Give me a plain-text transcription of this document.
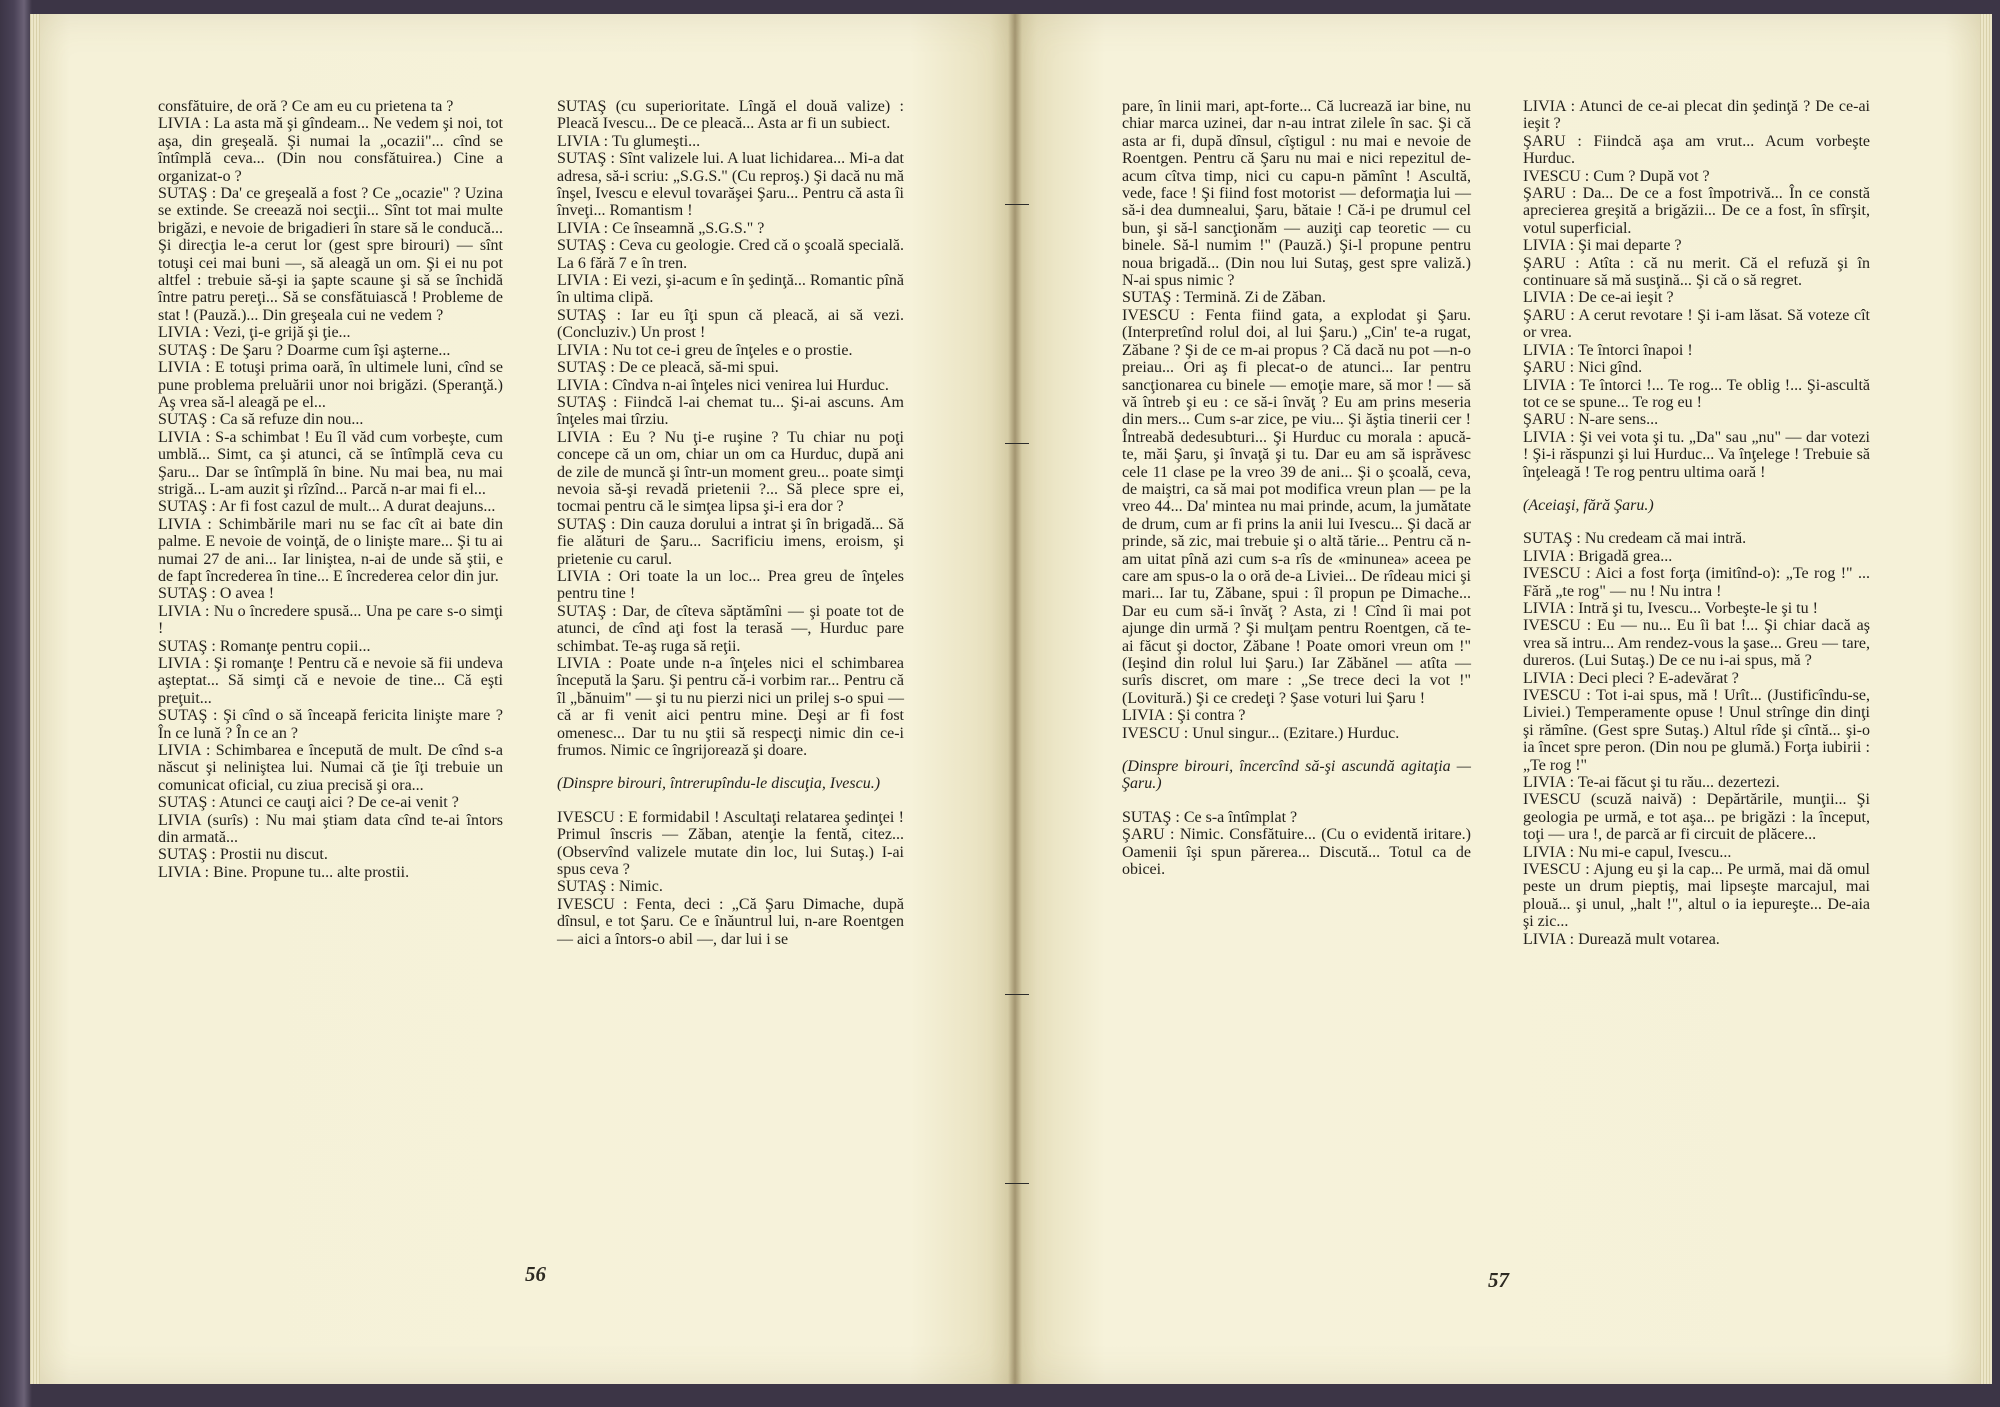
consfătuire, de oră ? Ce am eu cu prietena ta ?

LIVIA : La asta mă şi gîndeam... Ne vedem şi noi, tot aşa, din greşeală. Şi numai la „ocazii"... cînd se întîmplă ceva... (Din nou consfătuirea.) Cine a organizat-o ?

SUTAŞ : Da' ce greşeală a fost ? Ce „ocazie" ? Uzina se extinde. Se creează noi secţii... Sînt tot mai multe brigăzi, e nevoie de brigadieri în stare să le conducă... Şi direcţia le-a cerut lor (gest spre birouri) — sînt totuşi cei mai buni —, să aleagă un om. Şi ei nu pot altfel : trebuie să-şi ia şapte scaune şi să se închidă între patru pereţi... Să se consfătuiască ! Probleme de stat ! (Pauză.)... Din greşeala cui ne vedem ?

LIVIA : Vezi, ţi-e grijă şi ţie...

SUTAŞ : De Şaru ? Doarme cum îşi aşterne...

LIVIA : E totuşi prima oară, în ultimele luni, cînd se pune problema preluării unor noi brigăzi. (Speranţă.) Aş vrea să-l aleagă pe el...

SUTAŞ : Ca să refuze din nou...

LIVIA : S-a schimbat ! Eu îl văd cum vorbeşte, cum umblă... Simt, ca şi atunci, că se întîmplă ceva cu Şaru... Dar se întîmplă în bine. Nu mai bea, nu mai strigă... L-am auzit şi rîzînd... Parcă n-ar mai fi el...

SUTAŞ : Ar fi fost cazul de mult... A durat deajuns...

LIVIA : Schimbările mari nu se fac cît ai bate din palme. E nevoie de voinţă, de o linişte mare... Şi tu ai numai 27 de ani... Iar liniştea, n-ai de unde să ştii, e de fapt încrederea în tine... E încrederea celor din jur.

SUTAŞ : O avea !

LIVIA : Nu o încredere spusă... Una pe care s-o simţi !

SUTAŞ : Romanţe pentru copii...

LIVIA : Şi romanţe ! Pentru că e nevoie să fii undeva aşteptat... Să simţi că e nevoie de tine... Că eşti preţuit...

SUTAŞ : Şi cînd o să înceapă fericita linişte mare ? În ce lună ? În ce an ?

LIVIA : Schimbarea e începută de mult. De cînd s-a născut şi neliniştea lui. Numai că ţie îţi trebuie un comunicat oficial, cu ziua precisă şi ora...

SUTAŞ : Atunci ce cauţi aici ? De ce-ai venit ?

LIVIA (surîs) : Nu mai ştiam data cînd te-ai întors din armată...

SUTAŞ : Prostii nu discut.

LIVIA : Bine. Propune tu... alte prostii.

SUTAŞ (cu superioritate. Lîngă el două valize) : Pleacă Ivescu... De ce pleacă... Asta ar fi un subiect.

LIVIA : Tu glumeşti...

SUTAŞ : Sînt valizele lui. A luat lichidarea... Mi-a dat adresa, să-i scriu: „S.G.S." (Cu reproş.) Şi dacă nu mă înşel, Ivescu e elevul tovarăşei Şaru... Pentru că asta îi înveţi... Romantism !

LIVIA : Ce înseamnă „S.G.S." ?

SUTAŞ : Ceva cu geologie. Cred că o şcoală specială. La 6 fără 7 e în tren.

LIVIA : Ei vezi, şi-acum e în şedinţă... Romantic pînă în ultima clipă.

SUTAŞ : Iar eu îţi spun că pleacă, ai să vezi. (Concluziv.) Un prost !

LIVIA : Nu tot ce-i greu de înţeles e o prostie.

SUTAŞ : De ce pleacă, să-mi spui.

LIVIA : Cîndva n-ai înţeles nici venirea lui Hurduc.

SUTAŞ : Fiindcă l-ai chemat tu... Şi-ai ascuns. Am înţeles mai tîrziu.

LIVIA : Eu ? Nu ţi-e ruşine ? Tu chiar nu poţi concepe că un om, chiar un om ca Hurduc, după ani de zile de muncă şi într-un moment greu... poate simţi nevoia să-şi revadă prietenii ?... Să plece spre ei, tocmai pentru că le simţea lipsa şi-i era dor ?

SUTAŞ : Din cauza dorului a intrat şi în brigadă... Să fie alături de Şaru... Sacrificiu imens, eroism, şi prietenie cu carul.

LIVIA : Ori toate la un loc... Prea greu de înţeles pentru tine !

SUTAŞ : Dar, de cîteva săptămîni — şi poate tot de atunci, de cînd aţi fost la terasă —, Hurduc pare schimbat. Te-aş ruga să reţii.

LIVIA : Poate unde n-a înţeles nici el schimbarea începută la Şaru. Şi pentru că-i vorbim rar... Pentru că îl „bănuim" — şi tu nu pierzi nici un prilej s-o spui — că ar fi venit aici pentru mine. Deşi ar fi fost omenesc... Dar tu nu ştii să respecţi nimic din ce-i frumos. Nimic ce îngrijorează şi doare.

(Dinspre birouri, întrerupîndu-le discuţia, Ivescu.)

IVESCU : E formidabil ! Ascultaţi relatarea şedinţei ! Primul înscris — Zăban, atenţie la fentă, citez... (Observînd valizele mutate din loc, lui Sutaş.) I-ai spus ceva ?

SUTAŞ : Nimic.

IVESCU : Fenta, deci : „Că Şaru Dimache, după dînsul, e tot Şaru. Ce e înăuntrul lui, n-are Roentgen — aici a întors-o abil —, dar lui i se

56

pare, în linii mari, apt-forte... Că lucrează iar bine, nu chiar marca uzinei, dar n-au intrat zilele în sac. Şi că asta ar fi, după dînsul, cîştigul : nu mai e nevoie de Roentgen. Pentru că Şaru nu mai e nici repezitul de-acum cîtva timp, nici cu capu-n pămînt ! Ascultă, vede, face ! Şi fiind fost motorist — deformaţia lui — să-i dea dumnealui, Şaru, bătaie ! Că-i pe drumul cel bun, şi să-l sancţionăm — auziţi cap teoretic — cu binele. Să-l numim !" (Pauză.) Şi-l propune pentru noua brigadă... (Din nou lui Sutaş, gest spre valiză.) N-ai spus nimic ?

SUTAŞ : Termină. Zi de Zăban.

IVESCU : Fenta fiind gata, a explodat şi Şaru. (Interpretînd rolul doi, al lui Şaru.) „Cin' te-a rugat, Zăbane ? Şi de ce m-ai propus ? Că dacă nu pot —n-o preiau... Ori aş fi plecat-o de atunci... Iar pentru sancţionarea cu binele — emoţie mare, să mor ! — să vă întreb şi eu : ce să-i învăţ ? Eu am prins meseria din mers... Cum s-ar zice, pe viu... Şi ăştia tinerii cer ! Întreabă dedesubturi... Şi Hurduc cu morala : apucă-te, măi Şaru, şi învaţă şi tu. Dar eu am să isprăvesc cele 11 clase pe la vreo 39 de ani... Şi o şcoală, ceva, de maiştri, ca să mai pot modifica vreun plan — pe la vreo 44... Da' mintea nu mai prinde, acum, la jumătate de drum, cum ar fi prins la anii lui Ivescu... Şi dacă ar prinde, să zic, mai trebuie şi o altă tărie... Pentru că n-am uitat pînă azi cum s-a rîs de «minunea» aceea pe care am spus-o la o oră de-a Liviei... De rîdeau mici şi mari... Iar tu, Zăbane, spui : îl propun pe Dimache... Dar eu cum să-i învăţ ? Asta, zi ! Cînd îi mai pot ajunge din urmă ? Şi mulţam pentru Roentgen, că te-ai făcut şi doctor, Zăbane ! Poate omori vreun om !" (Ieşind din rolul lui Şaru.) Iar Zăbănel — atîta — surîs discret, om mare : „Se trece deci la vot !" (Lovitură.) Şi ce credeţi ? Şase voturi lui Şaru !

LIVIA : Şi contra ?

IVESCU : Unul singur... (Ezitare.) Hurduc.

(Dinspre birouri, încercînd să-şi ascundă agitaţia — Şaru.)

SUTAŞ : Ce s-a întîmplat ?

ŞARU : Nimic. Consfătuire... (Cu o evidentă iritare.) Oamenii îşi spun părerea... Discută... Totul ca de obicei.

LIVIA : Atunci de ce-ai plecat din şedinţă ? De ce-ai ieşit ?

ŞARU : Fiindcă aşa am vrut... Acum vorbeşte Hurduc.

IVESCU : Cum ? După vot ?

ŞARU : Da... De ce a fost împotrivă... În ce constă aprecierea greşită a brigăzii... De ce a fost, în sfîrşit, votul superficial.

LIVIA : Şi mai departe ?

ŞARU : Atîta : că nu merit. Că el refuză şi în continuare să mă susţină... Şi că o să regret.

LIVIA : De ce-ai ieşit ?

ŞARU : A cerut revotare ! Şi i-am lăsat. Să voteze cît or vrea.

LIVIA : Te întorci înapoi !

ŞARU : Nici gînd.

LIVIA : Te întorci !... Te rog... Te oblig !... Şi-ascultă tot ce se spune... Te rog eu !

ŞARU : N-are sens...

LIVIA : Şi vei vota şi tu. „Da" sau „nu" — dar votezi ! Şi-i răspunzi şi lui Hurduc... Va înţelege ! Trebuie să înţeleagă ! Te rog pentru ultima oară !

(Aceiaşi, fără Şaru.)

SUTAŞ : Nu credeam că mai intră.

LIVIA : Brigadă grea...

IVESCU : Aici a fost forţa (imitînd-o): „Te rog !" ... Fără „te rog" — nu ! Nu intra !

LIVIA : Intră şi tu, Ivescu... Vorbeşte-le şi tu !

IVESCU : Eu — nu... Eu îi bat !... Şi chiar dacă aş vrea să intru... Am rendez-vous la şase... Greu — tare, dureros. (Lui Sutaş.) De ce nu i-ai spus, mă ?

LIVIA : Deci pleci ? E-adevărat ?

IVESCU : Tot i-ai spus, mă ! Urît... (Justificîndu-se, Liviei.) Temperamente opuse ! Unul strînge din dinţi şi rămîne. (Gest spre Sutaş.) Altul rîde şi cîntă... şi-o ia încet spre peron. (Din nou pe glumă.) Forţa iubirii : „Te rog !"

LIVIA : Te-ai făcut şi tu rău... dezertezi.

IVESCU (scuză naivă) : Depărtările, munţii... Şi geologia pe urmă, e tot aşa... pe brigăzi : la început, toţi — ura !, de parcă ar fi circuit de plăcere...

LIVIA : Nu mi-e capul, Ivescu...

IVESCU : Ajung eu şi la cap... Pe urmă, mai dă omul peste un drum pieptiş, mai lipseşte marcajul, mai plouă... şi unul, „halt !", altul o ia iepureşte... De-aia şi zic...

LIVIA : Durează mult votarea.

57
